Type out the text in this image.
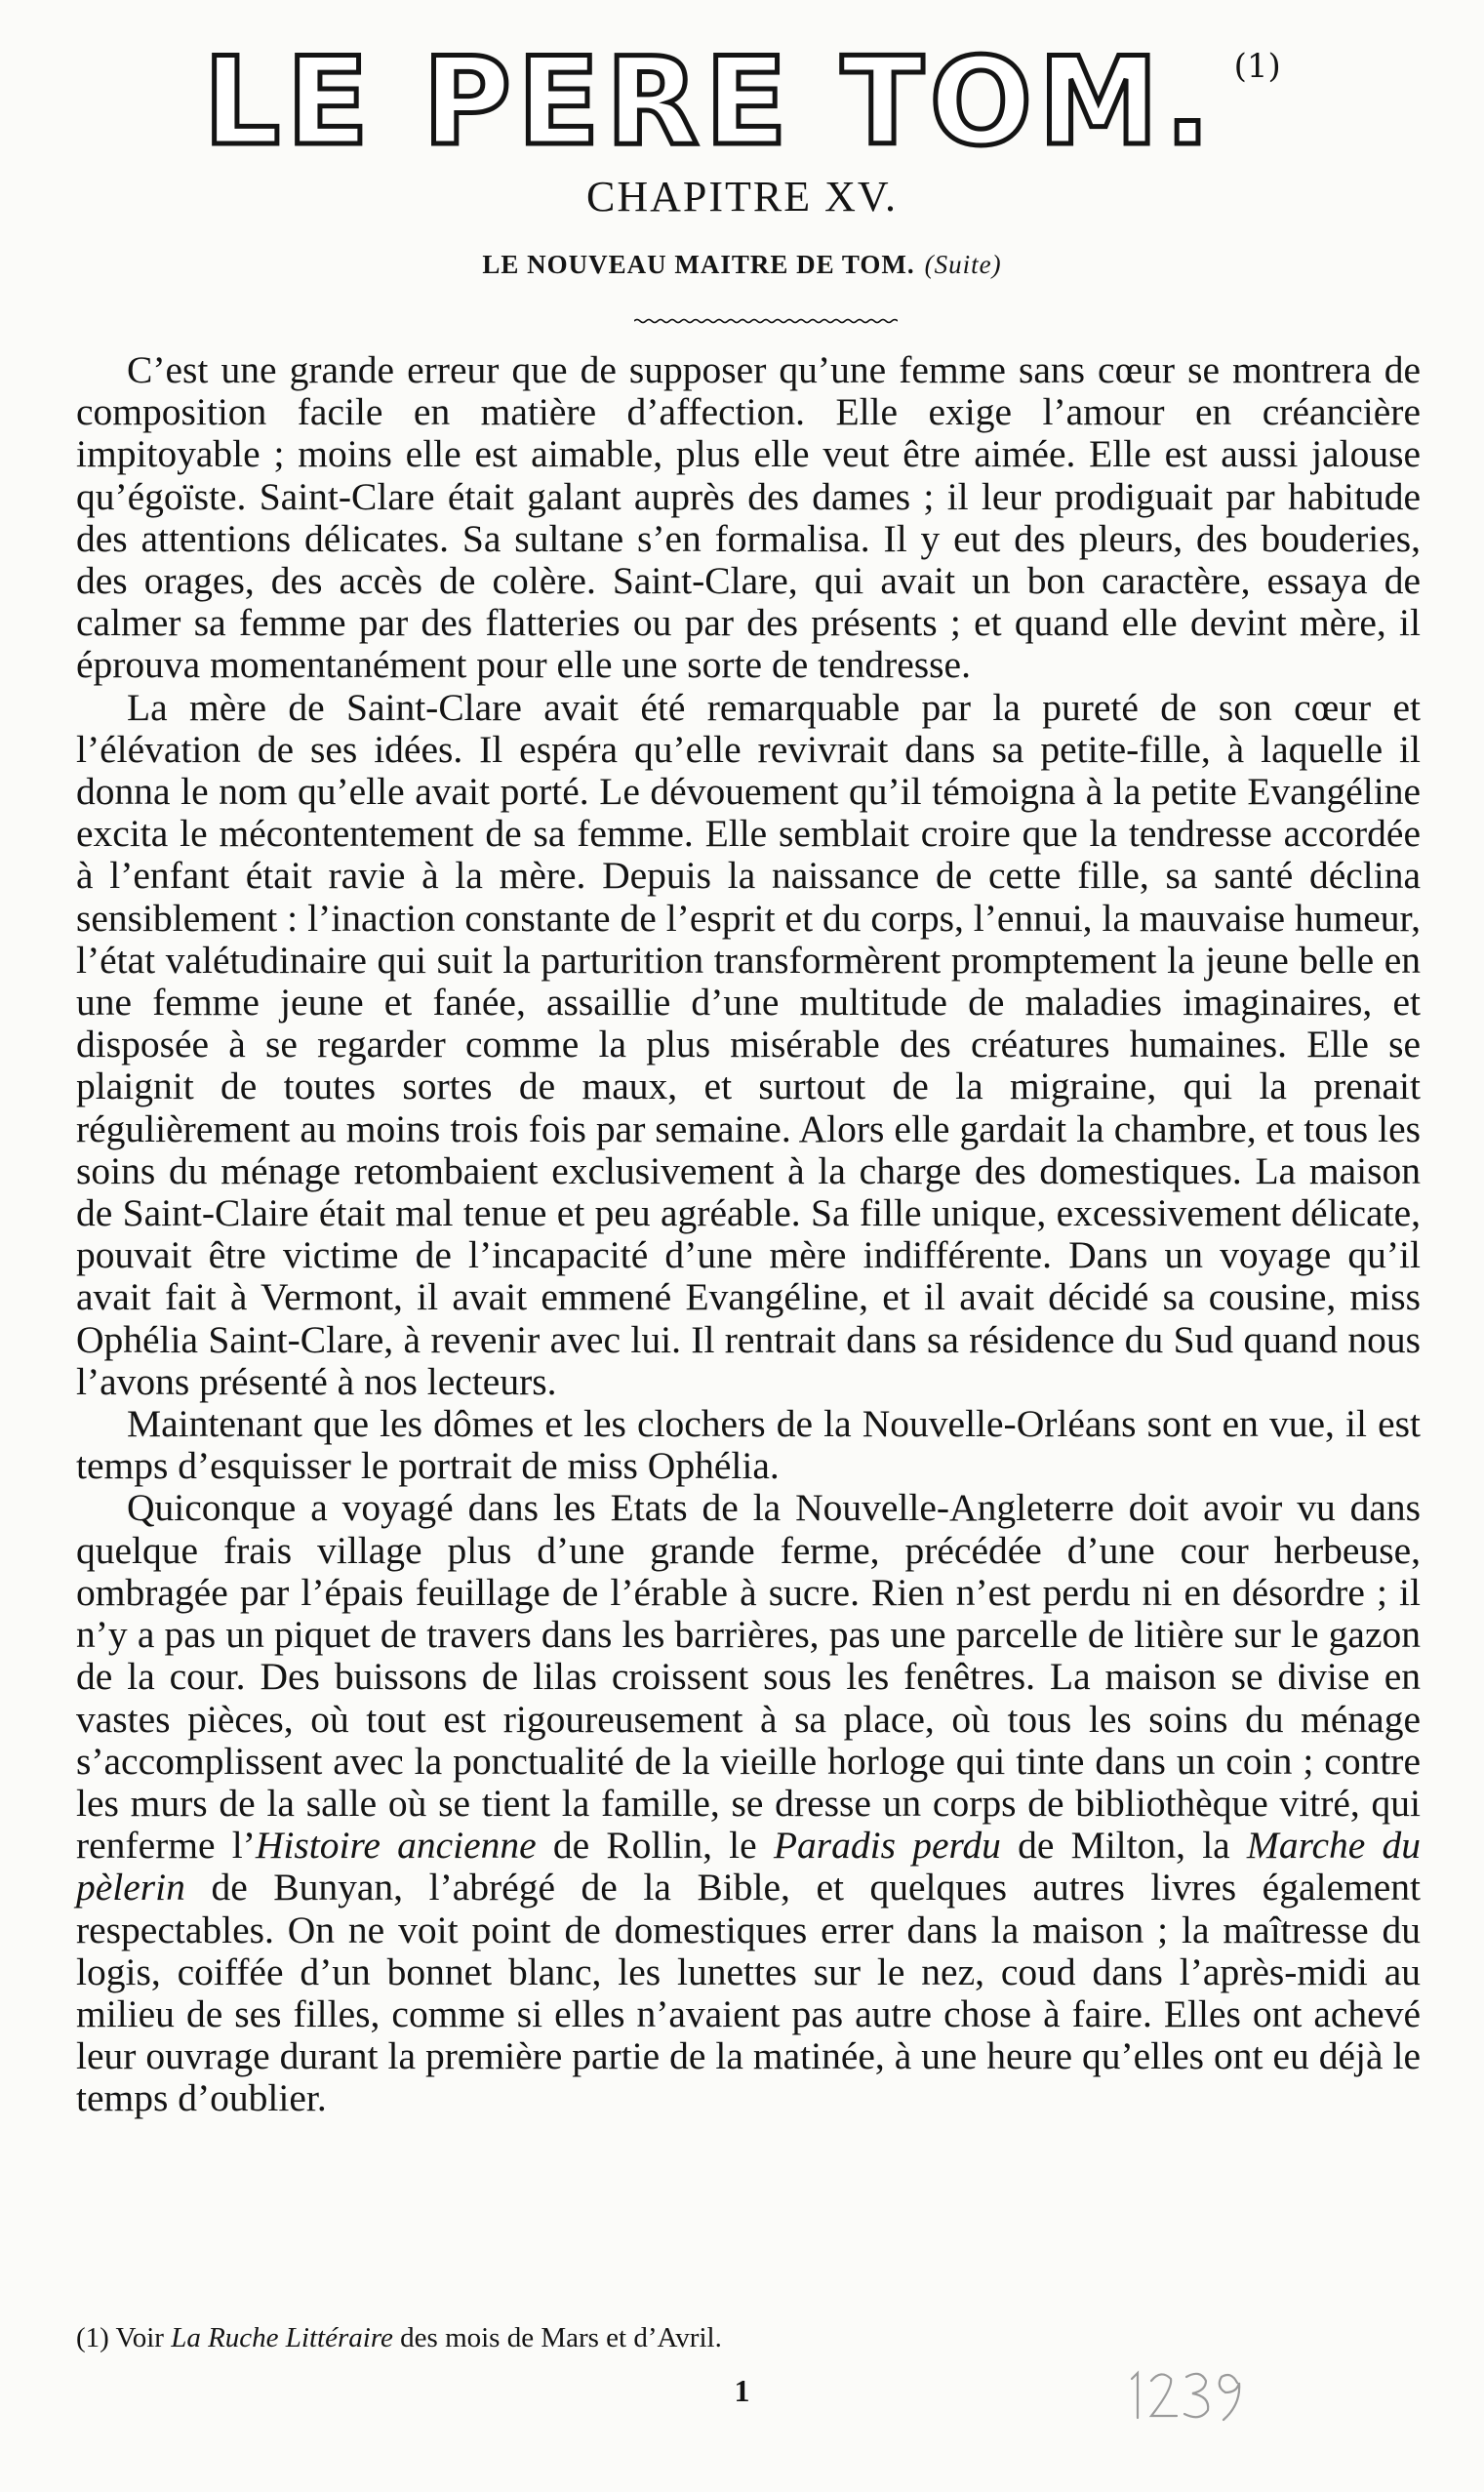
LE PERE TOM. (1)
CHAPITRE XV.
LE NOUVEAU MAITRE DE TOM. (Suite)

C’est une grande erreur que de supposer qu’une femme sans cœur se montrera de composition facile en matière d’affection. Elle exige l’amour en créancière impitoyable ; moins elle est aimable, plus elle veut être aimée. Elle est aussi jalouse qu’égoïste. Saint-Clare était galant auprès des dames ; il leur prodiguait par habitude des attentions délicates. Sa sultane s’en formalisa. Il y eut des pleurs, des bouderies, des orages, des accès de colère. Saint-Clare, qui avait un bon caractère, essaya de calmer sa femme par des flatteries ou par des présents ; et quand elle devint mère, il éprouva momentanément pour elle une sorte de tendresse.

La mère de Saint-Clare avait été remarquable par la pureté de son cœur et l’élévation de ses idées. Il espéra qu’elle revivrait dans sa petite-fille, à laquelle il donna le nom qu’elle avait porté. Le dévouement qu’il témoigna à la petite Evangéline excita le mécontentement de sa femme. Elle semblait croire que la tendresse accordée à l’enfant était ravie à la mère. Depuis la naissance de cette fille, sa santé déclina sensiblement : l’inaction constante de l’esprit et du corps, l’ennui, la mauvaise humeur, l’état valétudinaire qui suit la parturition transformèrent promptement la jeune belle en une femme jeune et fanée, assaillie d’une multitude de maladies imaginaires, et disposée à se regarder comme la plus misérable des créatures humaines. Elle se plaignit de toutes sortes de maux, et surtout de la migraine, qui la prenait régulièrement au moins trois fois par semaine. Alors elle gardait la chambre, et tous les soins du ménage retombaient exclusivement à la charge des domestiques. La maison de Saint-Claire était mal tenue et peu agréable. Sa fille unique, excessivement délicate, pouvait être victime de l’incapacité d’une mère indifférente. Dans un voyage qu’il avait fait à Vermont, il avait emmené Evangéline, et il avait décidé sa cousine, miss Ophélia Saint-Clare, à revenir avec lui. Il rentrait dans sa résidence du Sud quand nous l’avons présenté à nos lecteurs.

Maintenant que les dômes et les clochers de la Nouvelle-Orléans sont en vue, il est temps d’esquisser le portrait de miss Ophélia.

Quiconque a voyagé dans les Etats de la Nouvelle-Angleterre doit avoir vu dans quelque frais village plus d’une grande ferme, précédée d’une cour herbeuse, ombragée par l’épais feuillage de l’érable à sucre. Rien n’est perdu ni en désordre ; il n’y a pas un piquet de travers dans les barrières, pas une parcelle de litière sur le gazon de la cour. Des buissons de lilas croissent sous les fenêtres. La maison se divise en vastes pièces, où tout est rigoureusement à sa place, où tous les soins du ménage s’accomplissent avec la ponctualité de la vieille horloge qui tinte dans un coin ; contre les murs de la salle où se tient la famille, se dresse un corps de bibliothèque vitré, qui renferme l’Histoire ancienne de Rollin, le Paradis perdu de Milton, la Marche du pèlerin de Bunyan, l’abrégé de la Bible, et quelques autres livres également respectables. On ne voit point de domestiques errer dans la maison ; la maîtresse du logis, coiffée d’un bonnet blanc, les lunettes sur le nez, coud dans l’après-midi au milieu de ses filles, comme si elles n’avaient pas autre chose à faire. Elles ont achevé leur ouvrage durant la première partie de la matinée, à une heure qu’elles ont eu déjà le temps d’oublier.

(1) Voir La Ruche Littéraire des mois de Mars et d’Avril.
1
